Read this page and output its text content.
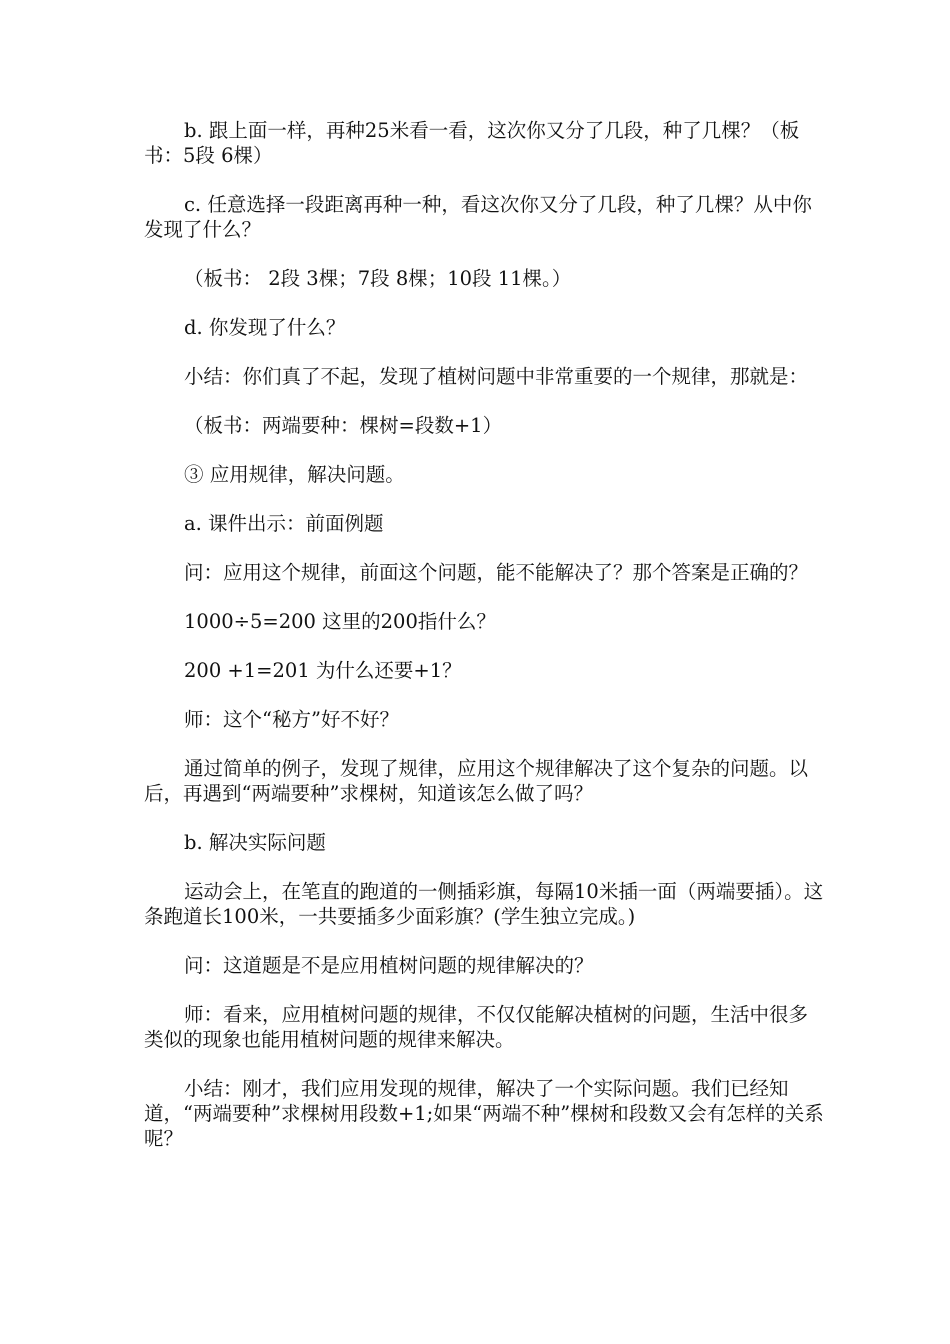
b. 跟上面一样，再种25米看一看，这次你又分了几段，种了几棵？（板书：5段 6棵）

c. 任意选择一段距离再种一种，看这次你又分了几段，种了几棵？从中你发现了什么？

（板书： 2段 3棵；7段 8棵；10段 11棵。）

d. 你发现了什么？

小结：你们真了不起，发现了植树问题中非常重要的一个规律，那就是：

（板书：两端要种：棵树=段数+1）

③ 应用规律，解决问题。

a. 课件出示：前面例题

问：应用这个规律，前面这个问题，能不能解决了？那个答案是正确的？

1000÷5=200 这里的200指什么？

200 +1=201 为什么还要+1？

师：这个“秘方”好不好？

通过简单的例子，发现了规律，应用这个规律解决了这个复杂的问题。以后，再遇到“两端要种”求棵树，知道该怎么做了吗？

b. 解决实际问题

运动会上，在笔直的跑道的一侧插彩旗，每隔10米插一面（两端要插）。这条跑道长100米，一共要插多少面彩旗？(学生独立完成。)

问：这道题是不是应用植树问题的规律解决的？

师：看来，应用植树问题的规律，不仅仅能解决植树的问题，生活中很多类似的现象也能用植树问题的规律来解决。

小结：刚才，我们应用发现的规律，解决了一个实际问题。我们已经知道，“两端要种”求棵树用段数+1;如果“两端不种”棵树和段数又会有怎样的关系呢？
